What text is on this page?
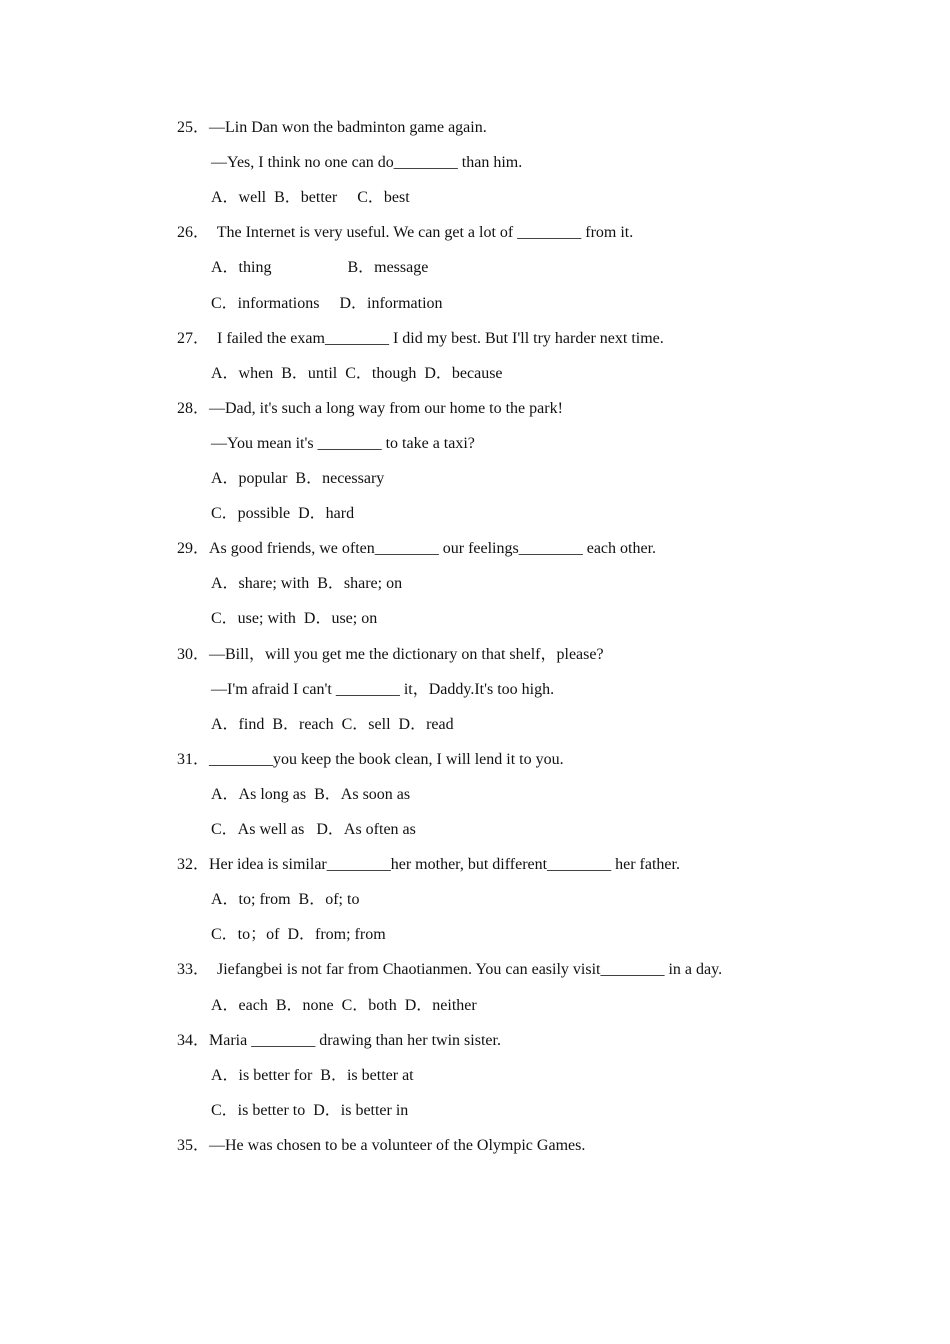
25．—Lin Dan won the badminton game again.
—Yes, I think no one can do________ than him.
A．well  B．better     C．best
26．  The Internet is very useful. We can get a lot of ________ from it.
A．thing                   B．message
C．informations     D．information
27．  I failed the exam________ I did my best. But I'll try harder next time.
A．when  B．until  C．though  D．because
28．—Dad, it's such a long way from our home to the park!
—You mean it's ________ to take a taxi?
A．popular  B．necessary
C．possible  D．hard
29．As good friends, we often________ our feelings________ each other.
A．share; with  B．share; on
C．use; with  D．use; on
30．—Bill，will you get me the dictionary on that shelf，please?
—I'm afraid I can't ________ it，Daddy.It's too high.
A．find  B．reach  C．sell  D．read
31．________you keep the book clean, I will lend it to you.
A．As long as  B．As soon as
C．As well as   D．As often as
32．Her idea is similar________her mother, but different________ her father.
A．to; from  B．of; to
C．to；of  D．from; from
33．  Jiefangbei is not far from Chaotianmen. You can easily visit________ in a day.
A．each  B．none  C．both  D．neither
34．Maria ________ drawing than her twin sister.
A．is better for  B．is better at
C．is better to  D．is better in
35．—He was chosen to be a volunteer of the Olympic Games.
